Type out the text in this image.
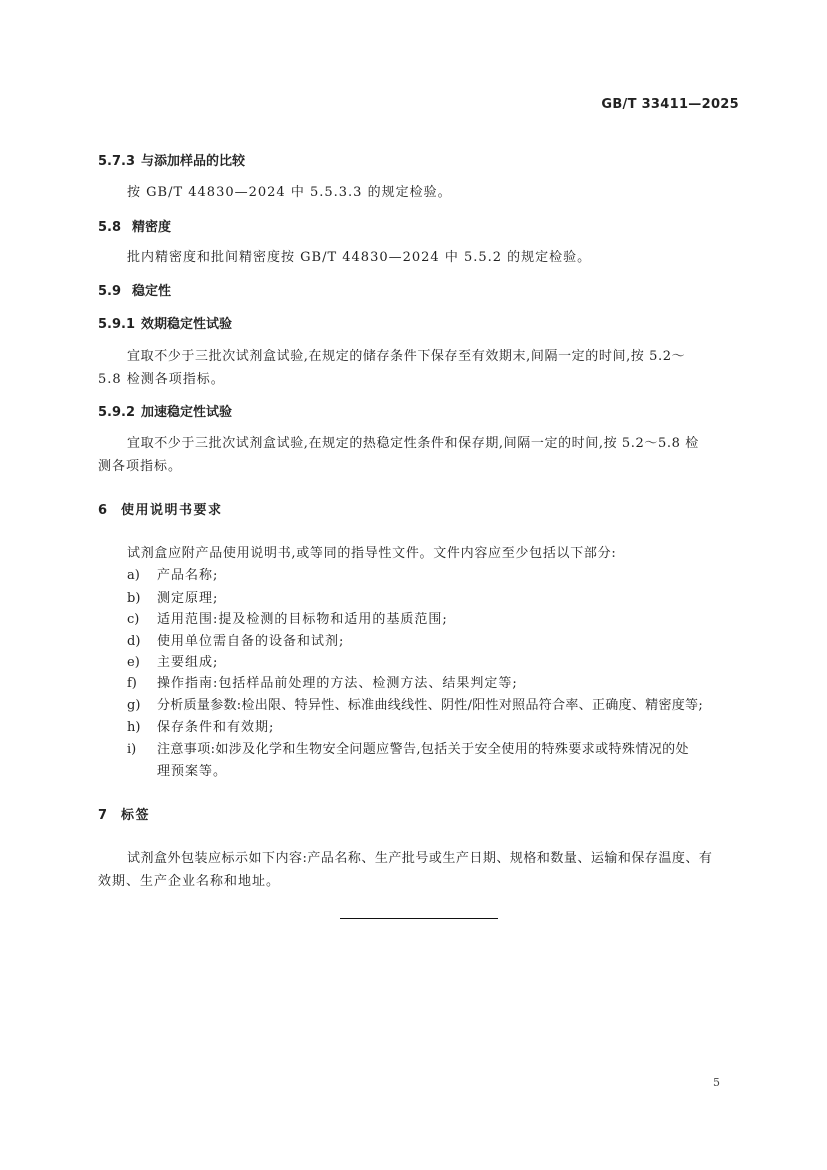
GB/T 33411—2025
5.7.3 与添加样品的比较
按 GB/T 44830—2024 中 5.5.3.3 的规定检验。
5.8 精密度
批内精密度和批间精密度按 GB/T 44830—2024 中 5.5.2 的规定检验。
5.9 稳定性
5.9.1 效期稳定性试验
宜取不少于三批次试剂盒试验,在规定的储存条件下保存至有效期末,间隔一定的时间,按 5.2～
5.8 检测各项指标。
5.9.2 加速稳定性试验
宜取不少于三批次试剂盒试验,在规定的热稳定性条件和保存期,间隔一定的时间,按 5.2～5.8 检
测各项指标。
6 使用说明书要求
试剂盒应附产品使用说明书,或等同的指导性文件。文件内容应至少包括以下部分:
a) 产品名称;
b) 测定原理;
c) 适用范围:提及检测的目标物和适用的基质范围;
d) 使用单位需自备的设备和试剂;
e) 主要组成;
f) 操作指南:包括样品前处理的方法、检测方法、结果判定等;
g) 分析质量参数:检出限、特异性、标准曲线线性、阴性/阳性对照品符合率、正确度、精密度等;
h) 保存条件和有效期;
i) 注意事项:如涉及化学和生物安全问题应警告,包括关于安全使用的特殊要求或特殊情况的处
理预案等。
7 标签
试剂盒外包装应标示如下内容:产品名称、生产批号或生产日期、规格和数量、运输和保存温度、有
效期、生产企业名称和地址。
5
